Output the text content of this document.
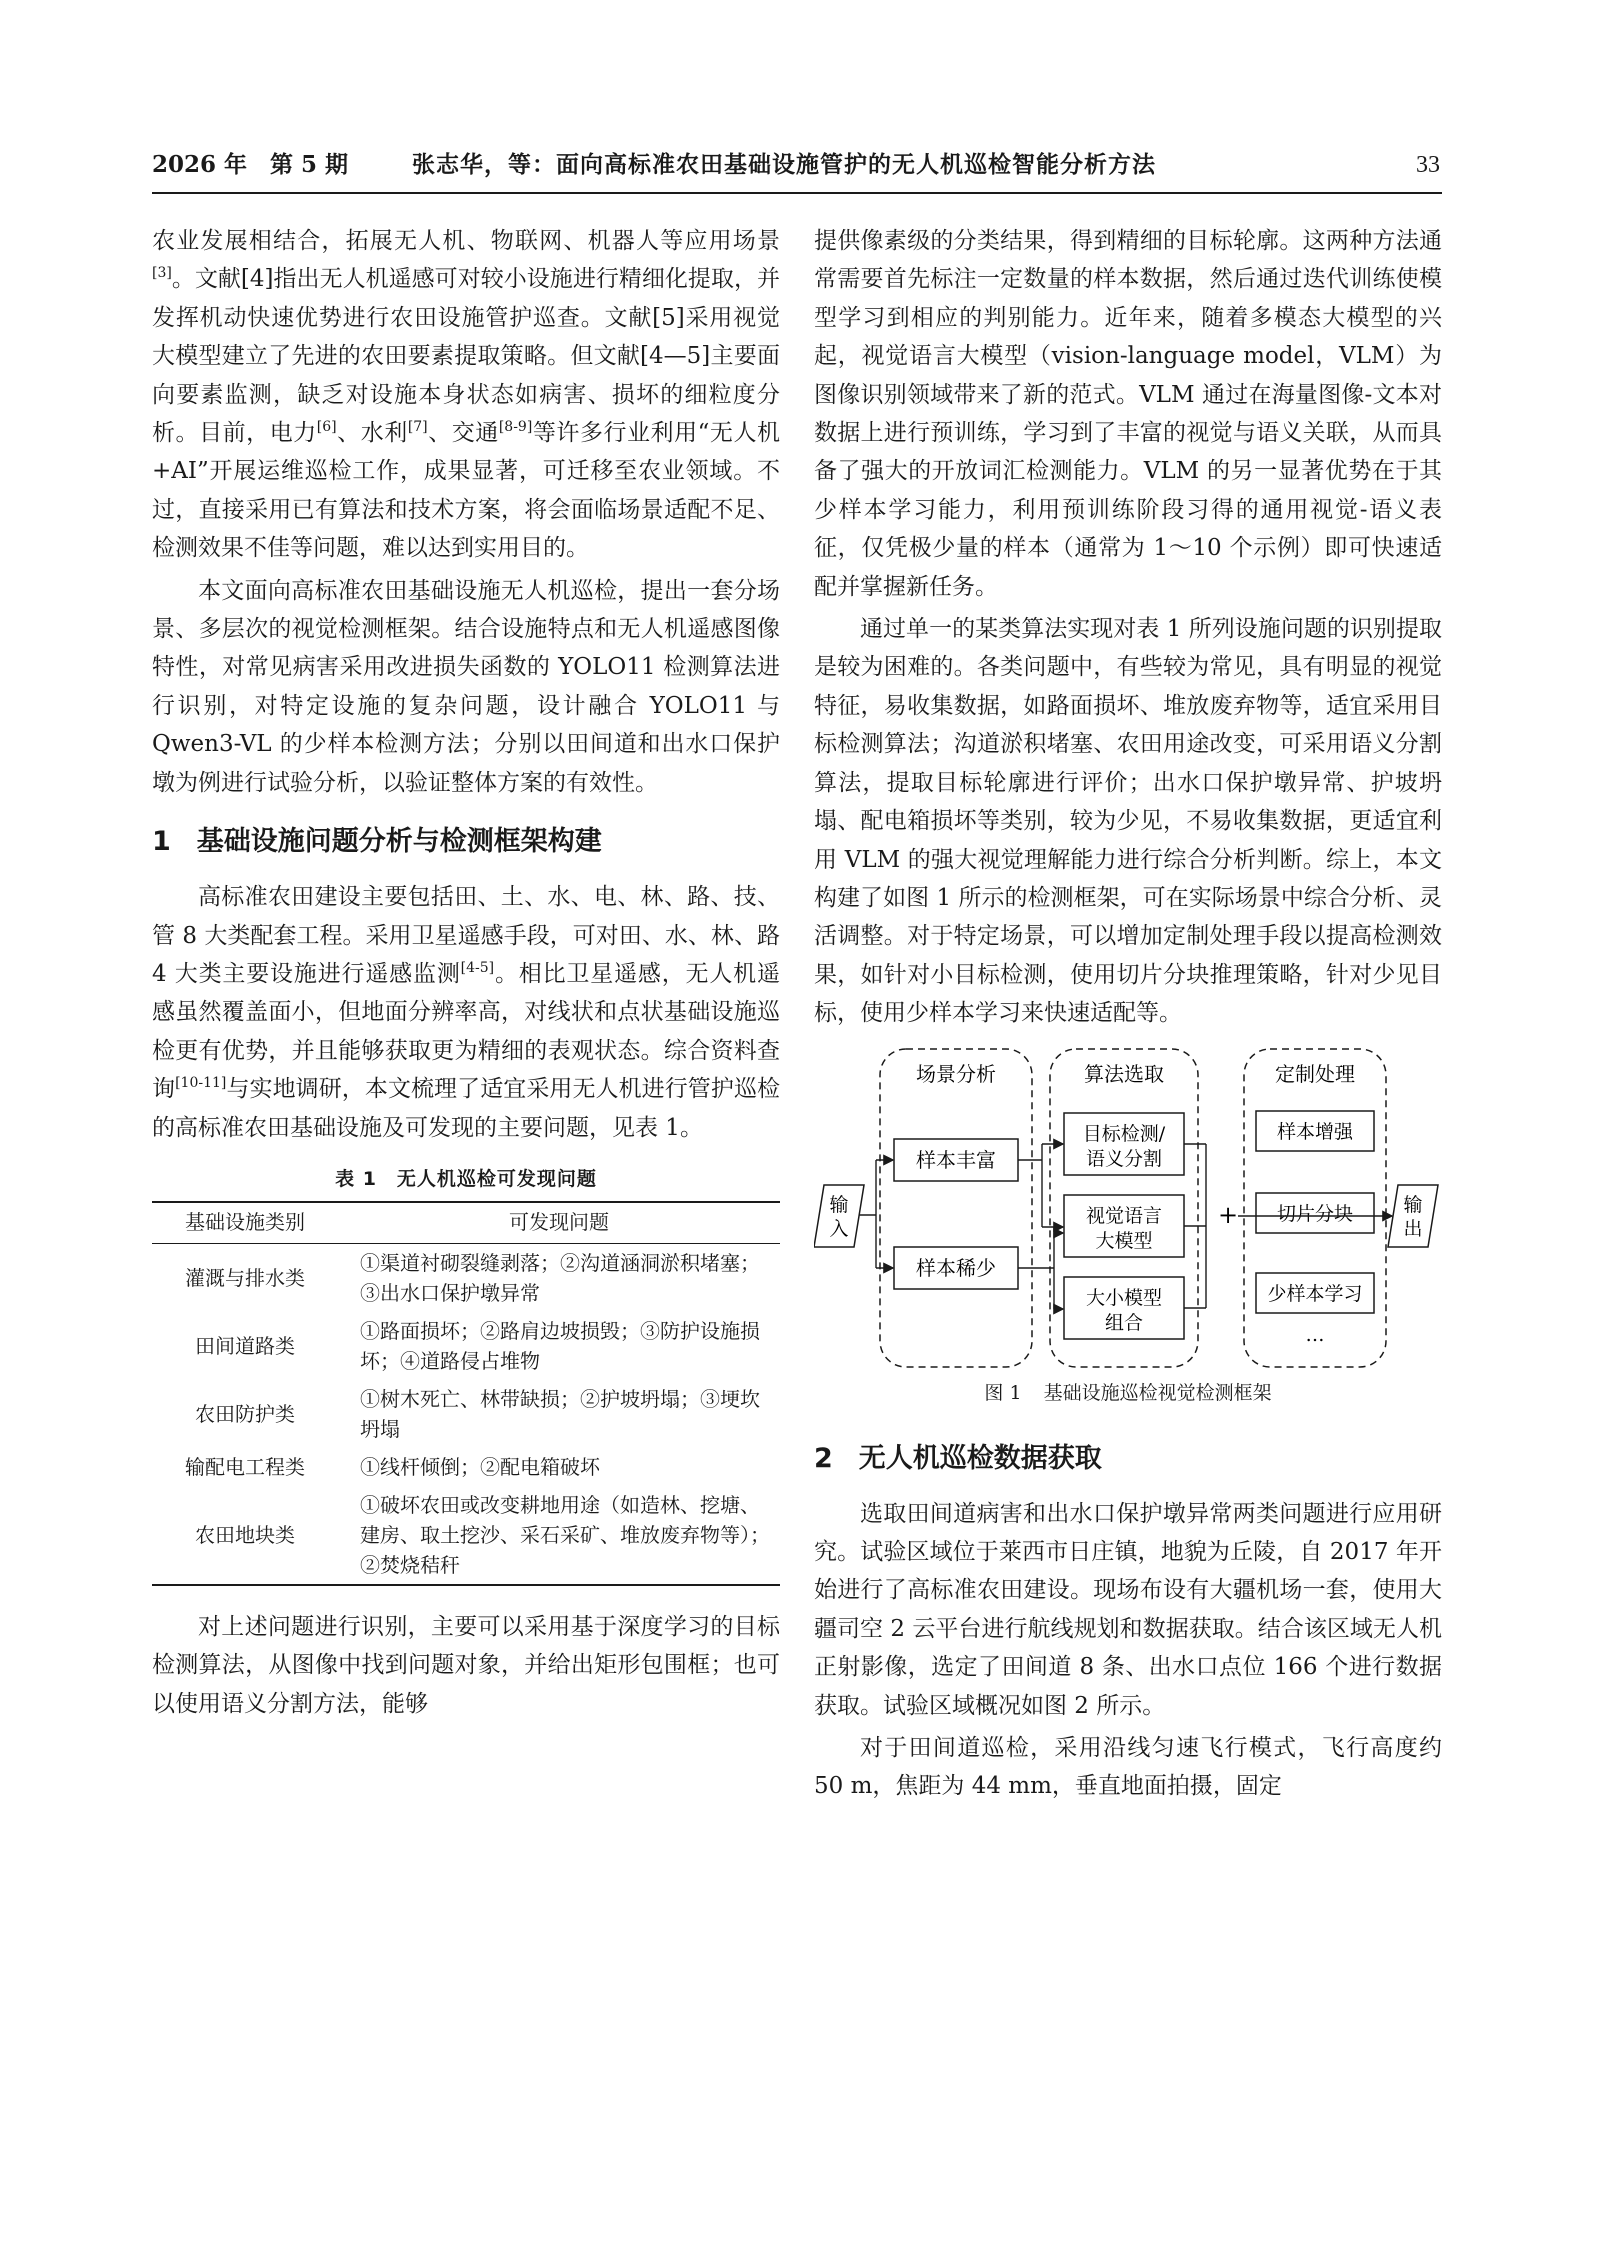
2026 年　第 5 期	张志华，等：面向高标准农田基础设施管护的无人机巡检智能分析方法	33

农业发展相结合，拓展无人机、物联网、机器人等应用场景[3]。文献[4]指出无人机遥感可对较小设施进行精细化提取，并发挥机动快速优势进行农田设施管护巡查。文献[5]采用视觉大模型建立了先进的农田要素提取策略。但文献[4—5]主要面向要素监测，缺乏对设施本身状态如病害、损坏的细粒度分析。目前，电力[6]、水利[7]、交通[8-9]等许多行业利用“无人机+AI”开展运维巡检工作，成果显著，可迁移至农业领域。不过，直接采用已有算法和技术方案，将会面临场景适配不足、检测效果不佳等问题，难以达到实用目的。

本文面向高标准农田基础设施无人机巡检，提出一套分场景、多层次的视觉检测框架。结合设施特点和无人机遥感图像特性，对常见病害采用改进损失函数的 YOLO11 检测算法进行识别，对特定设施的复杂问题，设计融合 YOLO11 与 Qwen3-VL 的少样本检测方法；分别以田间道和出水口保护墩为例进行试验分析，以验证整体方案的有效性。

1 基础设施问题分析与检测框架构建

高标准农田建设主要包括田、土、水、电、林、路、技、管 8 大类配套工程。采用卫星遥感手段，可对田、水、林、路 4 大类主要设施进行遥感监测[4-5]。相比卫星遥感，无人机遥感虽然覆盖面小，但地面分辨率高，对线状和点状基础设施巡检更有优势，并且能够获取更为精细的表观状态。综合资料查询[10-11]与实地调研，本文梳理了适宜采用无人机进行管护巡检的高标准农田基础设施及可发现的主要问题，见表 1。

表 1　无人机巡检可发现问题
基础设施类别	可发现问题
灌溉与排水类	①渠道衬砌裂缝剥落；②沟道涵洞淤积堵塞；③出水口保护墩异常
田间道路类	①路面损坏；②路肩边坡损毁；③防护设施损坏；④道路侵占堆物
农田防护类	①树木死亡、林带缺损；②护坡坍塌；③埂坎坍塌
输配电工程类	①线杆倾倒；②配电箱破坏
农田地块类	①破坏农田或改变耕地用途（如造林、挖塘、建房、取土挖沙、采石采矿、堆放废弃物等）；②焚烧秸秆

对上述问题进行识别，主要可以采用基于深度学习的目标检测算法，从图像中找到问题对象，并给出矩形包围框；也可以使用语义分割方法，能够

提供像素级的分类结果，得到精细的目标轮廓。这两种方法通常需要首先标注一定数量的样本数据，然后通过迭代训练使模型学习到相应的判别能力。近年来，随着多模态大模型的兴起，视觉语言大模型（vision-language model，VLM）为图像识别领域带来了新的范式。VLM 通过在海量图像-文本对数据上进行预训练，学习到了丰富的视觉与语义关联，从而具备了强大的开放词汇检测能力。VLM 的另一显著优势在于其少样本学习能力，利用预训练阶段习得的通用视觉-语义表征，仅凭极少量的样本（通常为 1～10 个示例）即可快速适配并掌握新任务。

通过单一的某类算法实现对表 1 所列设施问题的识别提取是较为困难的。各类问题中，有些较为常见，具有明显的视觉特征，易收集数据，如路面损坏、堆放废弃物等，适宜采用目标检测算法；沟道淤积堵塞、农田用途改变，可采用语义分割算法，提取目标轮廓进行评价；出水口保护墩异常、护坡坍塌、配电箱损坏等类别，较为少见，不易收集数据，更适宜利用 VLM 的强大视觉理解能力进行综合分析判断。综上，本文构建了如图 1 所示的检测框架，可在实际场景中综合分析、灵活调整。对于特定场景，可以增加定制处理手段以提高检测效果，如针对小目标检测，使用切片分块推理策略，针对少见目标，使用少样本学习来快速适配等。

输
入
场景分析
样本丰富
样本稀少
算法选取
目标检测/
语义分割
视觉语言
大模型
大小模型
组合
+
定制处理
样本增强
切片分块
少样本学习
…
输
出
图 1 基础设施巡检视觉检测框架
2 无人机巡检数据获取

选取田间道病害和出水口保护墩异常两类问题进行应用研究。试验区域位于莱西市日庄镇，地貌为丘陵，自 2017 年开始进行了高标准农田建设。现场布设有大疆机场一套，使用大疆司空 2 云平台进行航线规划和数据获取。结合该区域无人机正射影像，选定了田间道 8 条、出水口点位 166 个进行数据获取。试验区域概况如图 2 所示。

对于田间道巡检，采用沿线匀速飞行模式，飞行高度约 50 m，焦距为 44 mm，垂直地面拍摄，固定
